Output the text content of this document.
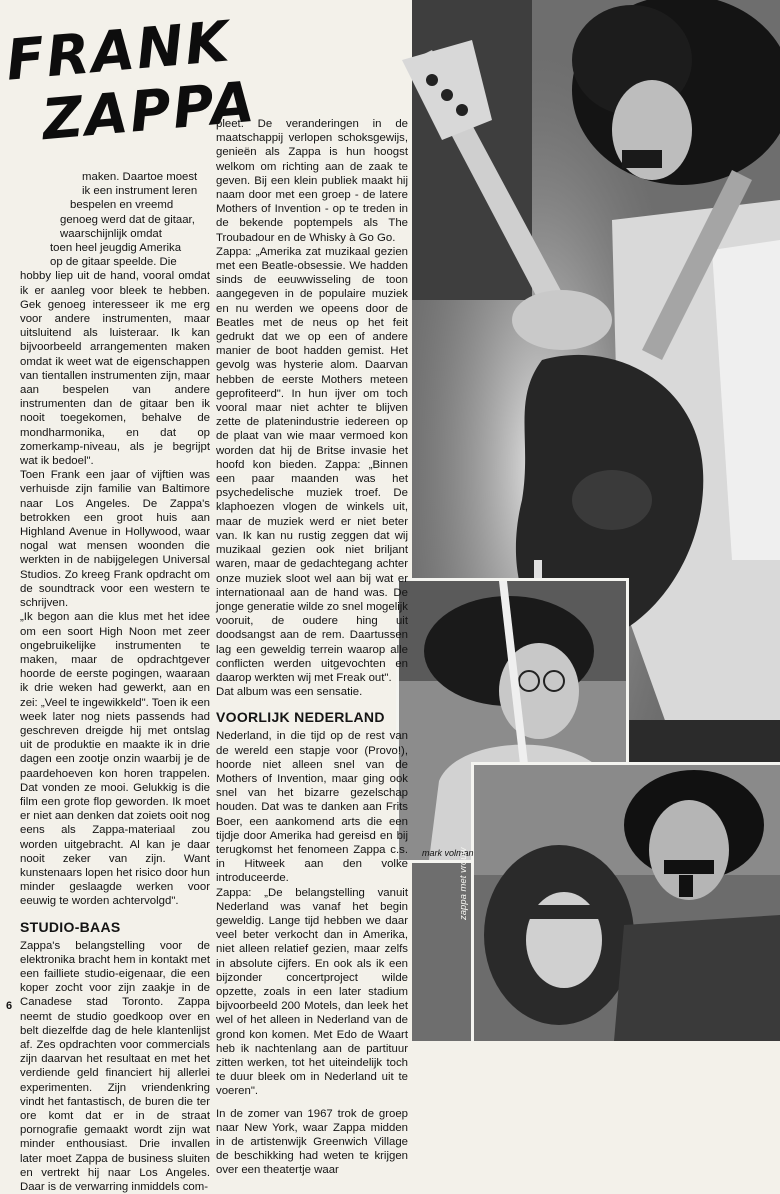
FRANK
ZAPPA

maken. Daartoe moest

ik een instrument leren

bespelen en vreemd

genoeg werd dat de gitaar,

waarschijnlijk omdat

toen heel jeugdig Amerika

op de gitaar speelde. Die

hobby liep uit de hand, vooral omdat ik er aanleg voor bleek te hebben. Gek genoeg interesseer ik me erg voor andere instrumenten, maar uitsluitend als luisteraar. Ik kan bijvoorbeeld arrangementen maken omdat ik weet wat de eigenschappen van tientallen instrumenten zijn, maar aan bespelen van andere instrumenten dan de gitaar ben ik nooit toegekomen, behalve de mondharmonika, en dat op zomerkamp-niveau, als je begrijpt wat ik bedoel".

Toen Frank een jaar of vijftien was verhuisde zijn familie van Baltimore naar Los Angeles. De Zappa's betrokken een groot huis aan Highland Avenue in Hollywood, waar nogal wat mensen woonden die werkten in de nabijgelegen Universal Studios. Zo kreeg Frank opdracht om de soundtrack voor een western te schrijven.

„Ik begon aan die klus met het idee om een soort High Noon met zeer ongebruikelijke instrumenten te maken, maar de opdrachtgever hoorde de eerste pogingen, waaraan ik drie weken had gewerkt, aan en zei: „Veel te ingewikkeld". Toen ik een week later nog niets passends had geschreven dreigde hij met ontslag uit de produktie en maakte ik in drie dagen een zootje onzin waarbij je de paardehoeven kon horen trappelen. Dat vonden ze mooi. Gelukkig is die film een grote flop geworden. Ik moet er niet aan denken dat zoiets ooit nog eens als Zappa-materiaal zou worden uitgebracht. Al kan je daar nooit zeker van zijn. Want kunstenaars lopen het risico door hun minder geslaagde werken voor eeuwig te worden achtervolgd".

STUDIO-BAAS

Zappa's belangstelling voor de elektronika bracht hem in kontakt met een failliete studio-eigenaar, die een koper zocht voor zijn zaakje in de Canadese stad Toronto. Zappa neemt de studio goedkoop over en belt diezelfde dag de hele klantenlijst af. Zes opdrachten voor commercials zijn daarvan het resultaat en met het verdiende geld financiert hij allerlei experimenten. Zijn vriendenkring vindt het fantastisch, de buren die ter ore komt dat er in de straat pornografie gemaakt wordt zijn wat minder enthousiast. Drie invallen later moet Zappa de business sluiten en vertrekt hij naar Los Angeles. Daar is de verwarring inmiddels com-

pleet. De veranderingen in de maatschappij verlopen schoksgewijs, genieën als Zappa is hun hoogst welkom om richting aan de zaak te geven. Bij een klein publiek maakt hij naam door met een groep - de latere Mothers of Invention - op te treden in de bekende poptempels als The Troubadour en de Whisky à Go Go.

Zappa: „Amerika zat muzikaal gezien met een Beatle-obsessie. We hadden sinds de eeuwwisseling de toon aangegeven in de populaire muziek en nu werden we opeens door de Beatles met de neus op het feit gedrukt dat we op een of andere manier de boot hadden gemist. Het gevolg was hysterie alom. Daarvan hebben de eerste Mothers meteen geprofiteerd". In hun ijver om toch vooral maar niet achter te blijven zette de platenindustrie iedereen op de plaat van wie maar vermoed kon worden dat hij de Britse invasie het hoofd kon bieden. Zappa: „Binnen een paar maanden was het psychedelische muziek troef. De klaphoezen vlogen de winkels uit, maar de muziek werd er niet beter van. Ik kan nu rustig zeggen dat wij muzikaal gezien ook niet briljant waren, maar de gedachtegang achter onze muziek sloot wel aan bij wat er internationaal aan de hand was. De jonge generatie wilde zo snel mogelijk vooruit, de oudere hing uit doodsangst aan de rem. Daartussen lag een geweldig terrein waarop alle conflicten werden uitgevochten en daarop werkten wij met Freak out".

Dat album was een sensatie.

VOORLIJK NEDERLAND

Nederland, in die tijd op de rest van de wereld een stapje voor (Provo!), hoorde niet alleen snel van de Mothers of Invention, maar ging ook snel van het bizarre gezelschap houden. Dat was te danken aan Frits Boer, een aankomend arts die een tijdje door Amerika had gereisd en bij terugkomst het fenomeen Zappa c.s. in Hitweek aan den volke introduceerde.

Zappa: „De belangstelling vanuit Nederland was vanaf het begin geweldig. Lange tijd hebben we daar veel beter verkocht dan in Amerika, niet alleen relatief gezien, maar zelfs in absolute cijfers. En ook als ik een bijzonder concertproject wilde opzette, zoals in een later stadium bijvoorbeeld 200 Motels, dan leek het wel of het alleen in Nederland van de grond kon komen. Met Edo de Waart heb ik nachtenlang aan de partituur zitten werken, tot het uiteindelijk toch te duur bleek om in Nederland uit te voeren".

In de zomer van 1967 trok de groep naar New York, waar Zappa midden in de artistenwijk Greenwich Village de beschikking had weten te krijgen over een theatertje waar

mark volman
zappa met vrouw
6
